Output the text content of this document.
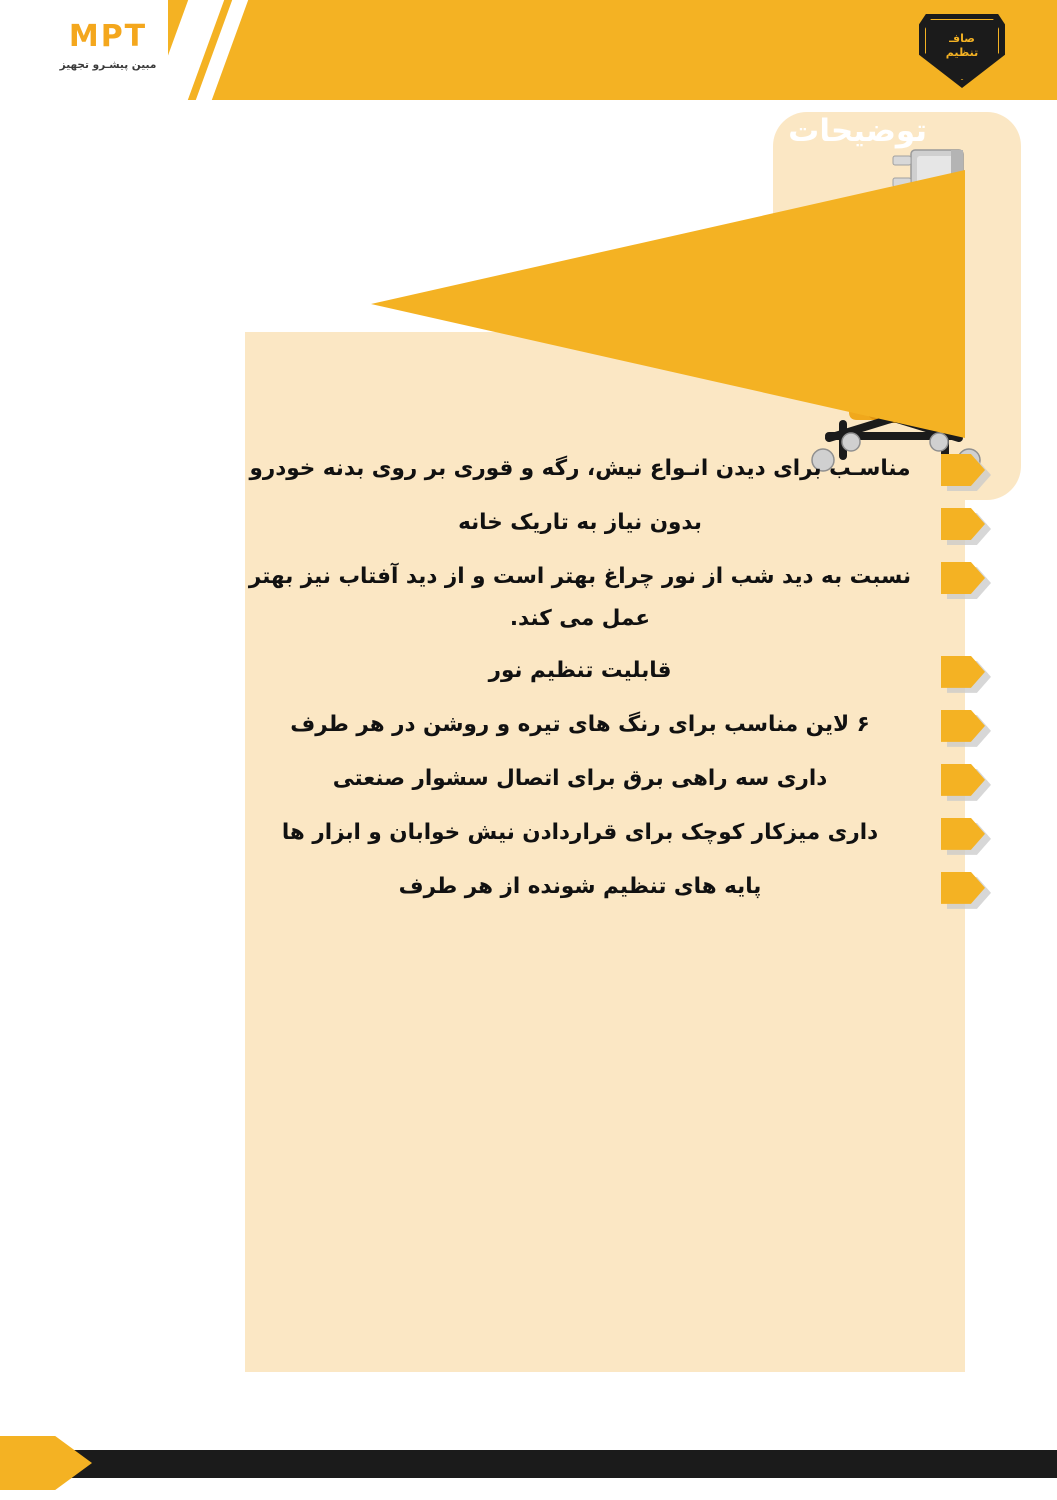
MPT
مبین پیشـرو تجهیز
صافـ
تنظیم
توضیحات
مناسـب برای دیدن انـواع نیش، رگه و قوری بر روی بدنه خودرو
بدون نیاز به تاریک خانه
نسبت به دید شب از نور چراغ بهتر است و از دید آفتاب نیز بهتر عمل می کند.
قابلیت تنظیم نور
۶ لاین مناسب برای رنگ های تیره و روشن در هر طرف
داری سه راهی برق برای اتصال سشوار صنعتی
داری میزکار کوچک برای قراردادن نیش خوابان و ابزار ها
پایه های تنظیم شونده از هر طرف
